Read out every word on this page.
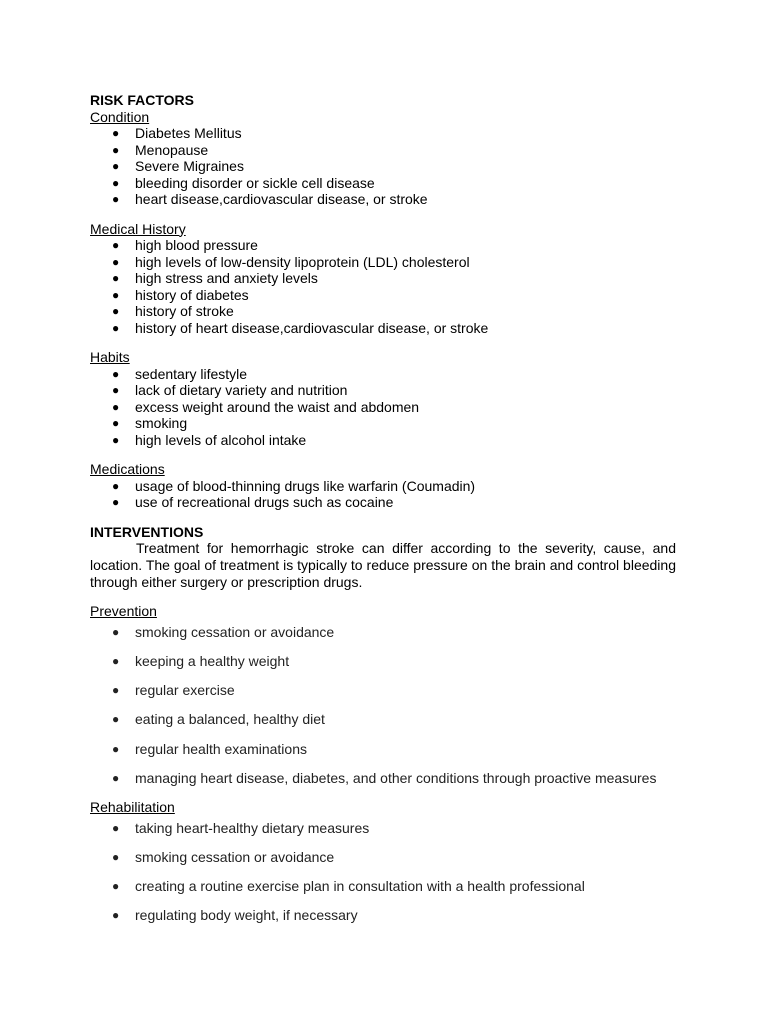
RISK FACTORS
Condition
● Diabetes Mellitus
● Menopause
● Severe Migraines
● bleeding disorder or sickle cell disease
● heart disease,cardiovascular disease, or stroke
Medical History
● high blood pressure
● high levels of low-density lipoprotein (LDL) cholesterol
● high stress and anxiety levels
● history of diabetes
● history of stroke
● history of heart disease,cardiovascular disease, or stroke
Habits
● sedentary lifestyle
● lack of dietary variety and nutrition
● excess weight around the waist and abdomen
● smoking
● high levels of alcohol intake
Medications
● usage of blood-thinning drugs like warfarin (Coumadin)
● use of recreational drugs such as cocaine
INTERVENTIONS
Treatment for hemorrhagic stroke can differ according to the severity, cause, and location. The goal of treatment is typically to reduce pressure on the brain and control bleeding through either surgery or prescription drugs.
Prevention
● smoking cessation or avoidance
● keeping a healthy weight
● regular exercise
● eating a balanced, healthy diet
● regular health examinations
● managing heart disease, diabetes, and other conditions through proactive measures
Rehabilitation
● taking heart-healthy dietary measures
● smoking cessation or avoidance
● creating a routine exercise plan in consultation with a health professional
● regulating body weight, if necessary
